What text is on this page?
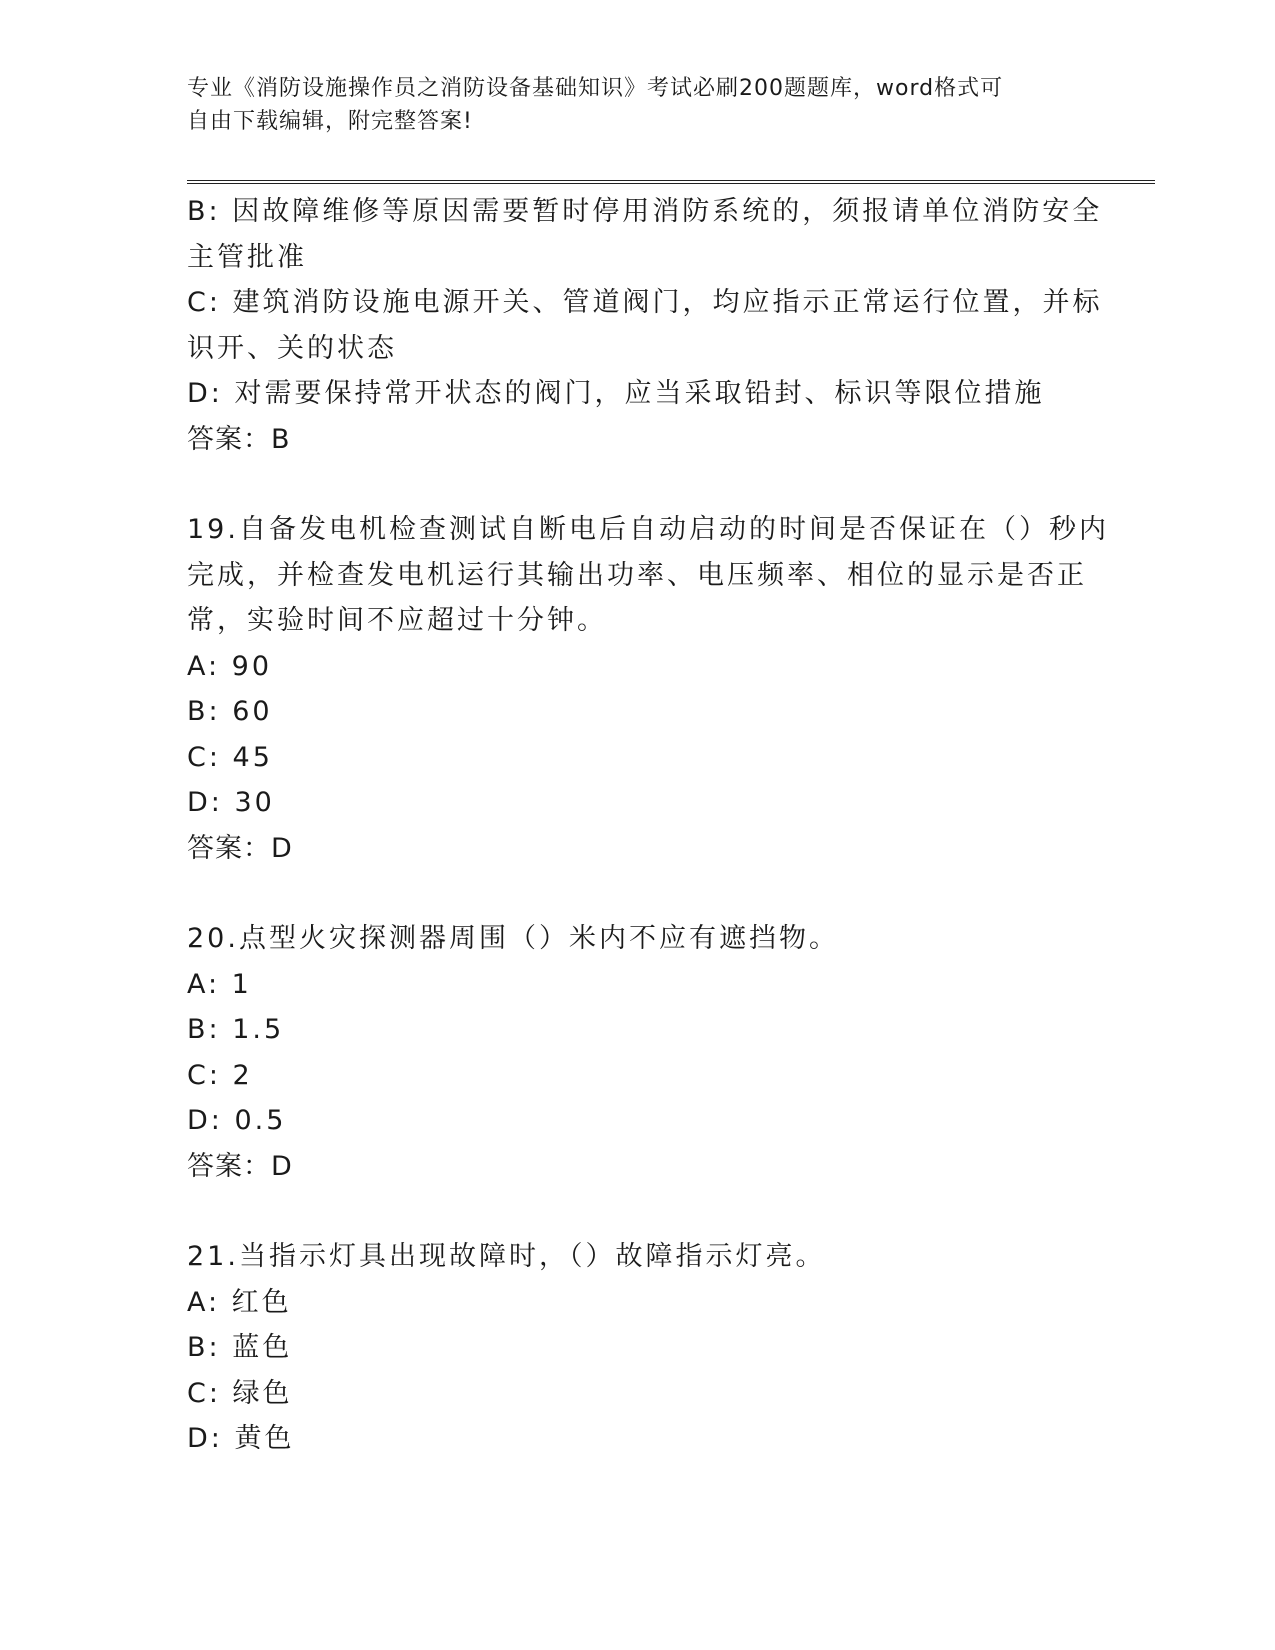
专业《消防设施操作员之消防设备基础知识》考试必刷200题题库，word格式可
自由下载编辑，附完整答案!
B: 因故障维修等原因需要暂时停用消防系统的，须报请单位消防安全
主管批准
C: 建筑消防设施电源开关、管道阀门，均应指示正常运行位置，并标
识开、关的状态
D: 对需要保持常开状态的阀门，应当采取铅封、标识等限位措施
答案：B
19.自备发电机检查测试自断电后自动启动的时间是否保证在（）秒内
完成，并检查发电机运行其输出功率、电压频率、相位的显示是否正
常，实验时间不应超过十分钟。
A: 90
B: 60
C: 45
D: 30
答案：D
20.点型火灾探测器周围（）米内不应有遮挡物。
A: 1
B: 1.5
C: 2
D: 0.5
答案：D
21.当指示灯具出现故障时，（）故障指示灯亮。
A: 红色
B: 蓝色
C: 绿色
D: 黄色
